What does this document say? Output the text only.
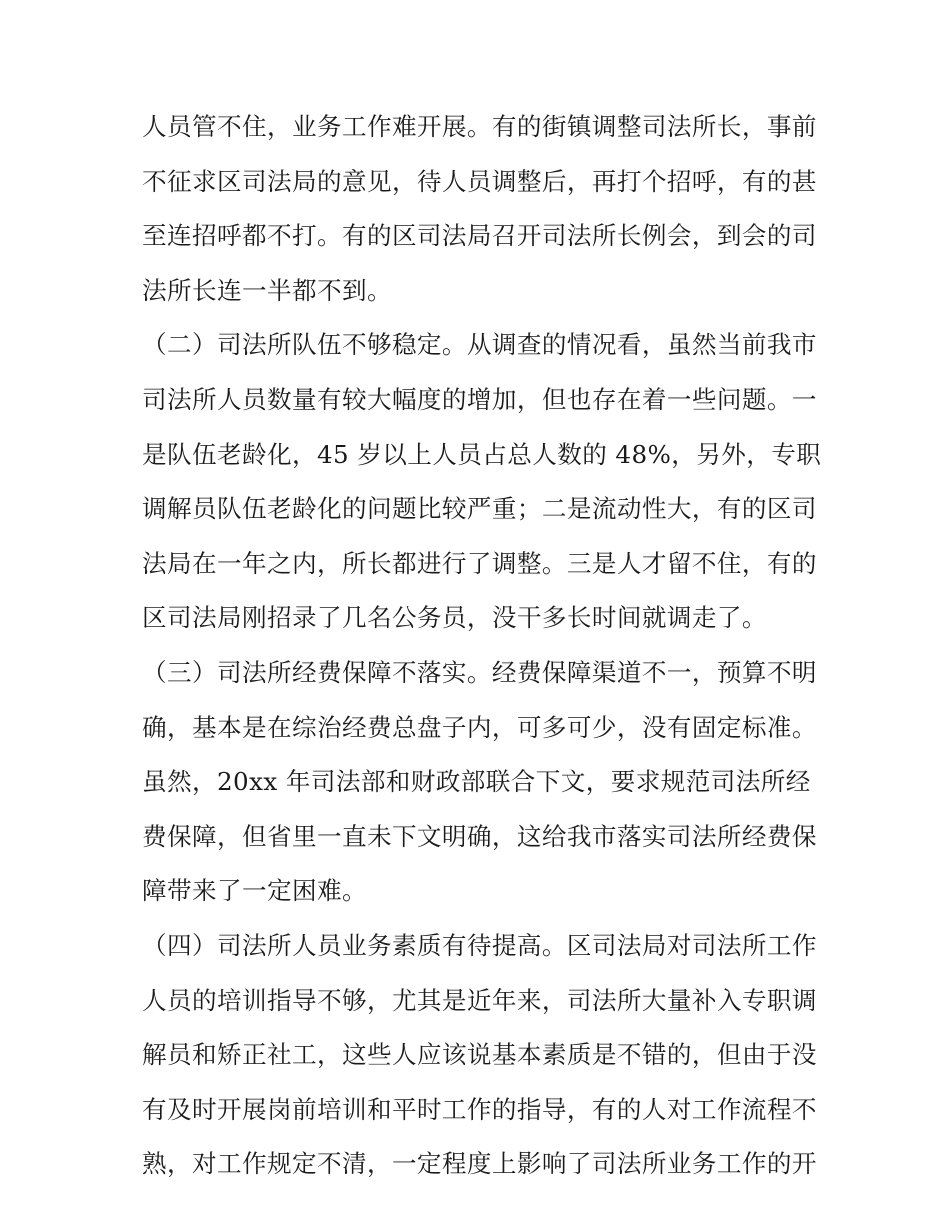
人员管不住，业务工作难开展。有的街镇调整司法所长，事前
不征求区司法局的意见，待人员调整后，再打个招呼，有的甚
至连招呼都不打。有的区司法局召开司法所长例会，到会的司
法所长连一半都不到。
（二）司法所队伍不够稳定。从调查的情况看，虽然当前我市
司法所人员数量有较大幅度的增加，但也存在着一些问题。一
是队伍老龄化，45 岁以上人员占总人数的 48%，另外，专职
调解员队伍老龄化的问题比较严重；二是流动性大，有的区司
法局在一年之内，所长都进行了调整。三是人才留不住，有的
区司法局刚招录了几名公务员，没干多长时间就调走了。
（三）司法所经费保障不落实。经费保障渠道不一，预算不明
确，基本是在综治经费总盘子内，可多可少，没有固定标准。
虽然，20xx 年司法部和财政部联合下文，要求规范司法所经
费保障，但省里一直未下文明确，这给我市落实司法所经费保
障带来了一定困难。
（四）司法所人员业务素质有待提高。区司法局对司法所工作
人员的培训指导不够，尤其是近年来，司法所大量补入专职调
解员和矫正社工，这些人应该说基本素质是不错的，但由于没
有及时开展岗前培训和平时工作的指导，有的人对工作流程不
熟，对工作规定不清，一定程度上影响了司法所业务工作的开
